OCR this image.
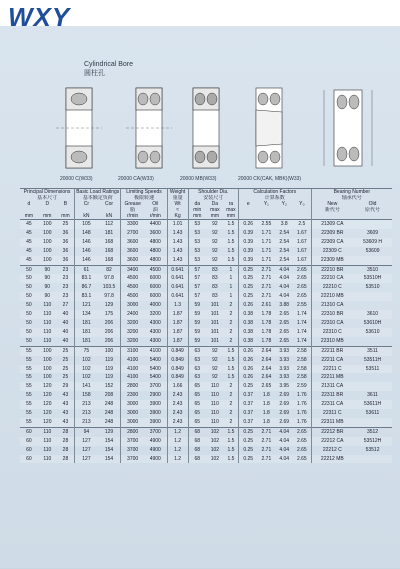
WXY
Cylindrical Bore
圆柱孔
20000 C(W33)	20000 CA(W33)	20000 MB(W33)	20000 CK(CAK, MBK)(W33)
Principal Dimensions			Basic Load Ratings		Limiting Speeds		Weight	Shoulder Dia.			Calculation Factors				Bearing Number	
基本尺寸			基本额定负荷		极限转速		重量	安装尺寸			计算系数				轴承代号	
d	D	B	Cr	Cor	Grease	Oil	Wt	da	Da	ra	e	Y₁	Y₂	Y₀	New	Old
					脂	油	≈	min	max	max					新代号	原代号
mm	mm	mm	kN	kN	r/min	r/min	Kg	mm	mm	mm						
45	100	25	105	112	3300	4400	1.01	53	92	1.5	0.26	2.55	3.8	2.5	21309 CA	
45	100	36	148	181	2700	3600	1.43	53	92	1.5	0.39	1.71	2.54	1.67	22309 BR	3609
45	100	36	146	168	3600	4800	1.43	53	92	1.5	0.39	1.71	2.54	1.67	22309 CA	53609 H
45	100	36	146	168	3600	4800	1.43	53	92	1.5	0.39	1.71	2.54	1.67	22309 C	53609
45	100	36	146	168	3600	4800	1.43	53	92	1.5	0.39	1.71	2.54	1.67	22309 MB	
50	90	23	61	82	3400	4500	0.641	57	83	1	0.25	2.71	4.04	2.65	22210 BR	3510
50	90	23	83.1	97.8	4500	6000	0.641	57	83	1	0.25	2.71	4.04	2.65	22210 CA	53510H
50	90	23	86.7	103.5	4500	6000	0.641	57	83	1	0.25	2.71	4.04	2.65	22210 C	53510
50	90	23	83.1	97.8	4500	6000	0.641	57	83	1	0.25	2.71	4.04	2.65	22210 MB	
50	110	27	121	129	3000	4000	1.3	59	101	2	0.26	2.61	3.88	2.55	21310 CA	
50	110	40	134	175	2400	3200	1.87	59	101	2	0.38	1.78	2.65	1.74	22310 BR	3610
50	110	40	181	206	3200	4300	1.87	59	101	2	0.38	1.78	2.65	1.74	22310 CA	53610H
50	110	40	181	206	3200	4300	1.87	59	101	2	0.38	1.78	2.65	1.74	22310 C	53610
50	110	40	181	206	3200	4300	1.87	59	101	2	0.38	1.78	2.65	1.74	22310 MB	
55	100	25	75	100	3100	4100	0.849	63	92	1.5	0.26	2.64	3.93	2.58	22211 BR	3511
55	100	25	102	119	4100	5400	0.849	63	92	1.5	0.26	2.64	3.93	2.58	22211 CA	53511H
55	100	25	102	119	4100	5400	0.849	63	92	1.5	0.26	2.64	3.93	2.58	22211 C	53511
55	100	25	102	119	4100	5400	0.849	63	92	1.5	0.26	2.64	3.93	2.58	22211 MB	
55	120	29	141	152	2800	3700	1.66	65	110	2	0.25	2.65	3.95	2.59	21311 CA	
55	120	43	158	208	2300	2900	2.43	65	110	2	0.37	1.8	2.69	1.76	22311 BR	3611
55	120	43	213	248	3000	3900	2.43	65	110	2	0.37	1.8	2.69	1.76	22311 CA	53611H
55	120	43	213	248	3000	3900	2.43	65	110	2	0.37	1.8	2.69	1.76	22311 C	53611
55	120	43	213	248	3000	3900	2.43	65	110	2	0.37	1.8	2.69	1.76	22311 MB	
60	110	28	94	129	2800	3700	1.2	68	102	1.5	0.25	2.71	4.04	2.65	22212 BR	3512
60	110	28	127	154	3700	4900	1.2	68	102	1.5	0.25	2.71	4.04	2.65	22212 CA	53512H
60	110	28	127	154	3700	4900	1.2	68	102	1.5	0.25	2.71	4.04	2.65	22212 C	53512
60	110	28	127	154	3700	4900	1.2	68	102	1.5	0.25	2.71	4.04	2.65	22212 MB	
